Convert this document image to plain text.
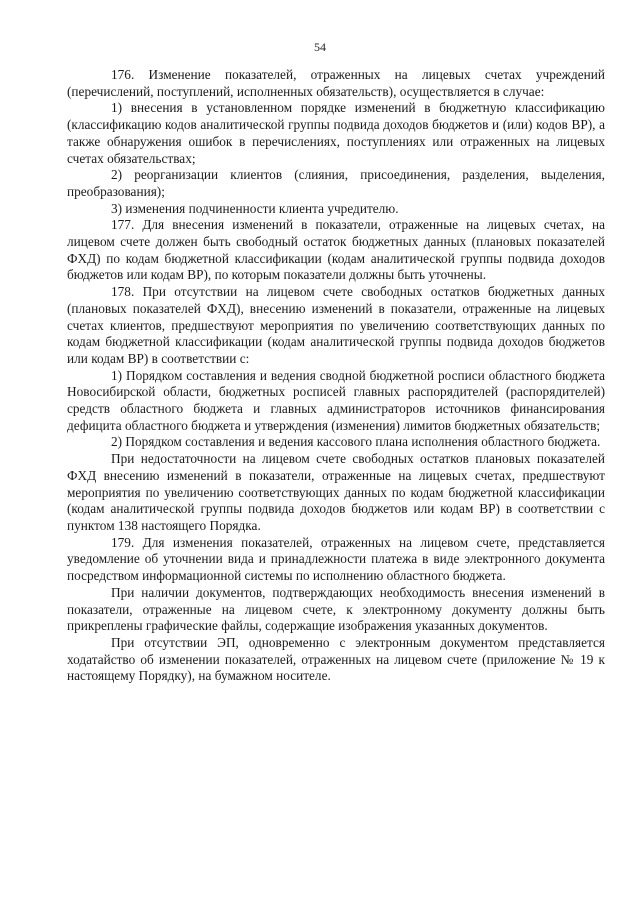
54

176. Изменение показателей, отраженных на лицевых счетах учреждений (перечислений, поступлений, исполненных обязательств), осуществляется в случае:

1) внесения в установленном порядке изменений в бюджетную классификацию (классификацию кодов аналитической группы подвида доходов бюджетов и (или) кодов ВР), а также обнаружения ошибок в перечислениях, поступлениях или отраженных на лицевых счетах обязательствах;

2) реорганизации клиентов (слияния, присоединения, разделения, выделения, преобразования);

3) изменения подчиненности клиента учредителю.

177. Для внесения изменений в показатели, отраженные на лицевых счетах, на лицевом счете должен быть свободный остаток бюджетных данных (плановых показателей ФХД) по кодам бюджетной классификации (кодам аналитической группы подвида доходов бюджетов или кодам ВР), по которым показатели должны быть уточнены.

178. При отсутствии на лицевом счете свободных остатков бюджетных данных (плановых показателей ФХД), внесению изменений в показатели, отраженные на лицевых счетах клиентов, предшествуют мероприятия по увеличению соответствующих данных по кодам бюджетной классификации (кодам аналитической группы подвида доходов бюджетов или кодам ВР) в соответствии с:

1) Порядком составления и ведения сводной бюджетной росписи областного бюджета Новосибирской области, бюджетных росписей главных распорядителей (распорядителей) средств областного бюджета и главных администраторов источников финансирования дефицита областного бюджета и утверждения (изменения) лимитов бюджетных обязательств;

2) Порядком составления и ведения кассового плана исполнения областного бюджета.

При недостаточности на лицевом счете свободных остатков плановых показателей ФХД внесению изменений в показатели, отраженные на лицевых счетах, предшествуют мероприятия по увеличению соответствующих данных по кодам бюджетной классификации (кодам аналитической группы подвида доходов бюджетов или кодам ВР) в соответствии с пунктом 138 настоящего Порядка.

179. Для изменения показателей, отраженных на лицевом счете, представляется уведомление об уточнении вида и принадлежности платежа в виде электронного документа посредством информационной системы по исполнению областного бюджета.

При наличии документов, подтверждающих необходимость внесения изменений в показатели, отраженные на лицевом счете, к электронному документу должны быть прикреплены графические файлы, содержащие изображения указанных документов.

При отсутствии ЭП, одновременно с электронным документом представляется ходатайство об изменении показателей, отраженных на лицевом счете (приложение № 19 к настоящему Порядку), на бумажном носителе.
